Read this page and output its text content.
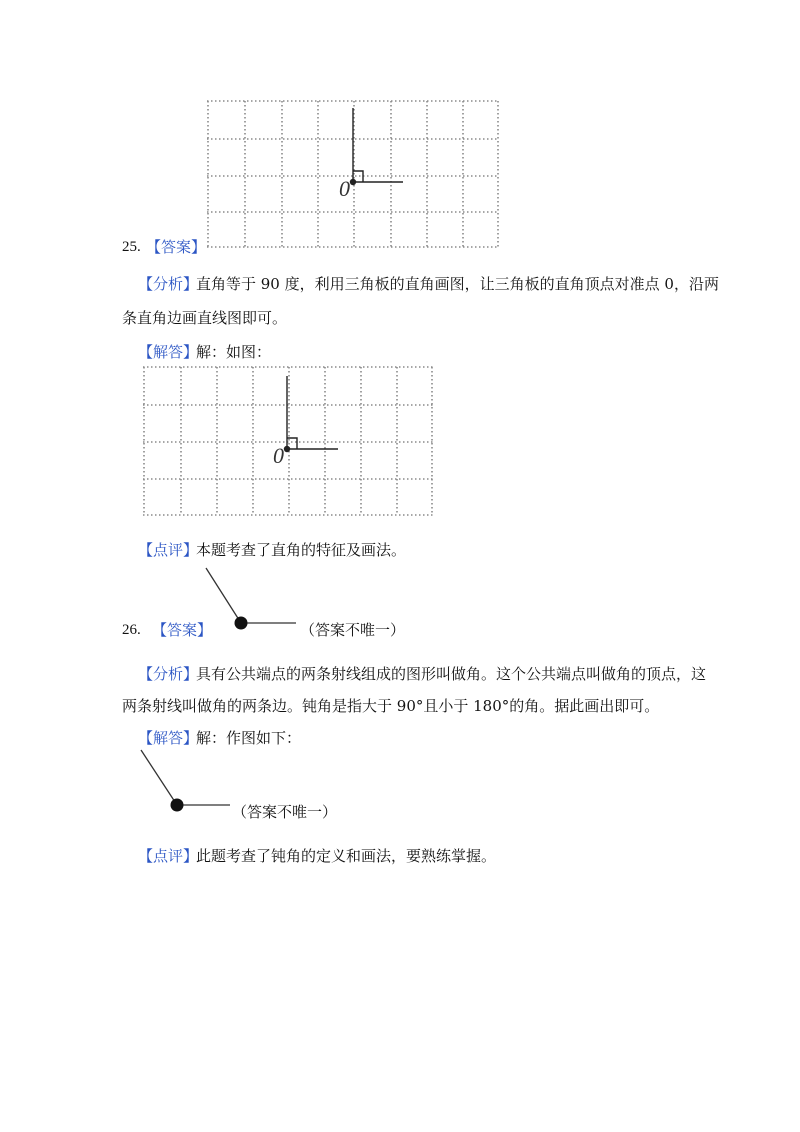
25. 【答案】
0
【分析】
直角等于 90 度，利用三角板的直角画图，让三角板的直角顶点对准点 0，沿两
条直角边画直线图即可。
【解答】
解：如图：
0
【点评】
本题考查了直角的特征及画法。
26. 【答案】	（答案不唯一）
【分析】
具有公共端点的两条射线组成的图形叫做角。这个公共端点叫做角的顶点，这
两条射线叫做角的两条边。钝角是指大于 90°且小于 180°的角。据此画出即可。
【解答】
解：作图如下：
（答案不唯一）
【点评】
此题考查了钝角的定义和画法，要熟练掌握。
